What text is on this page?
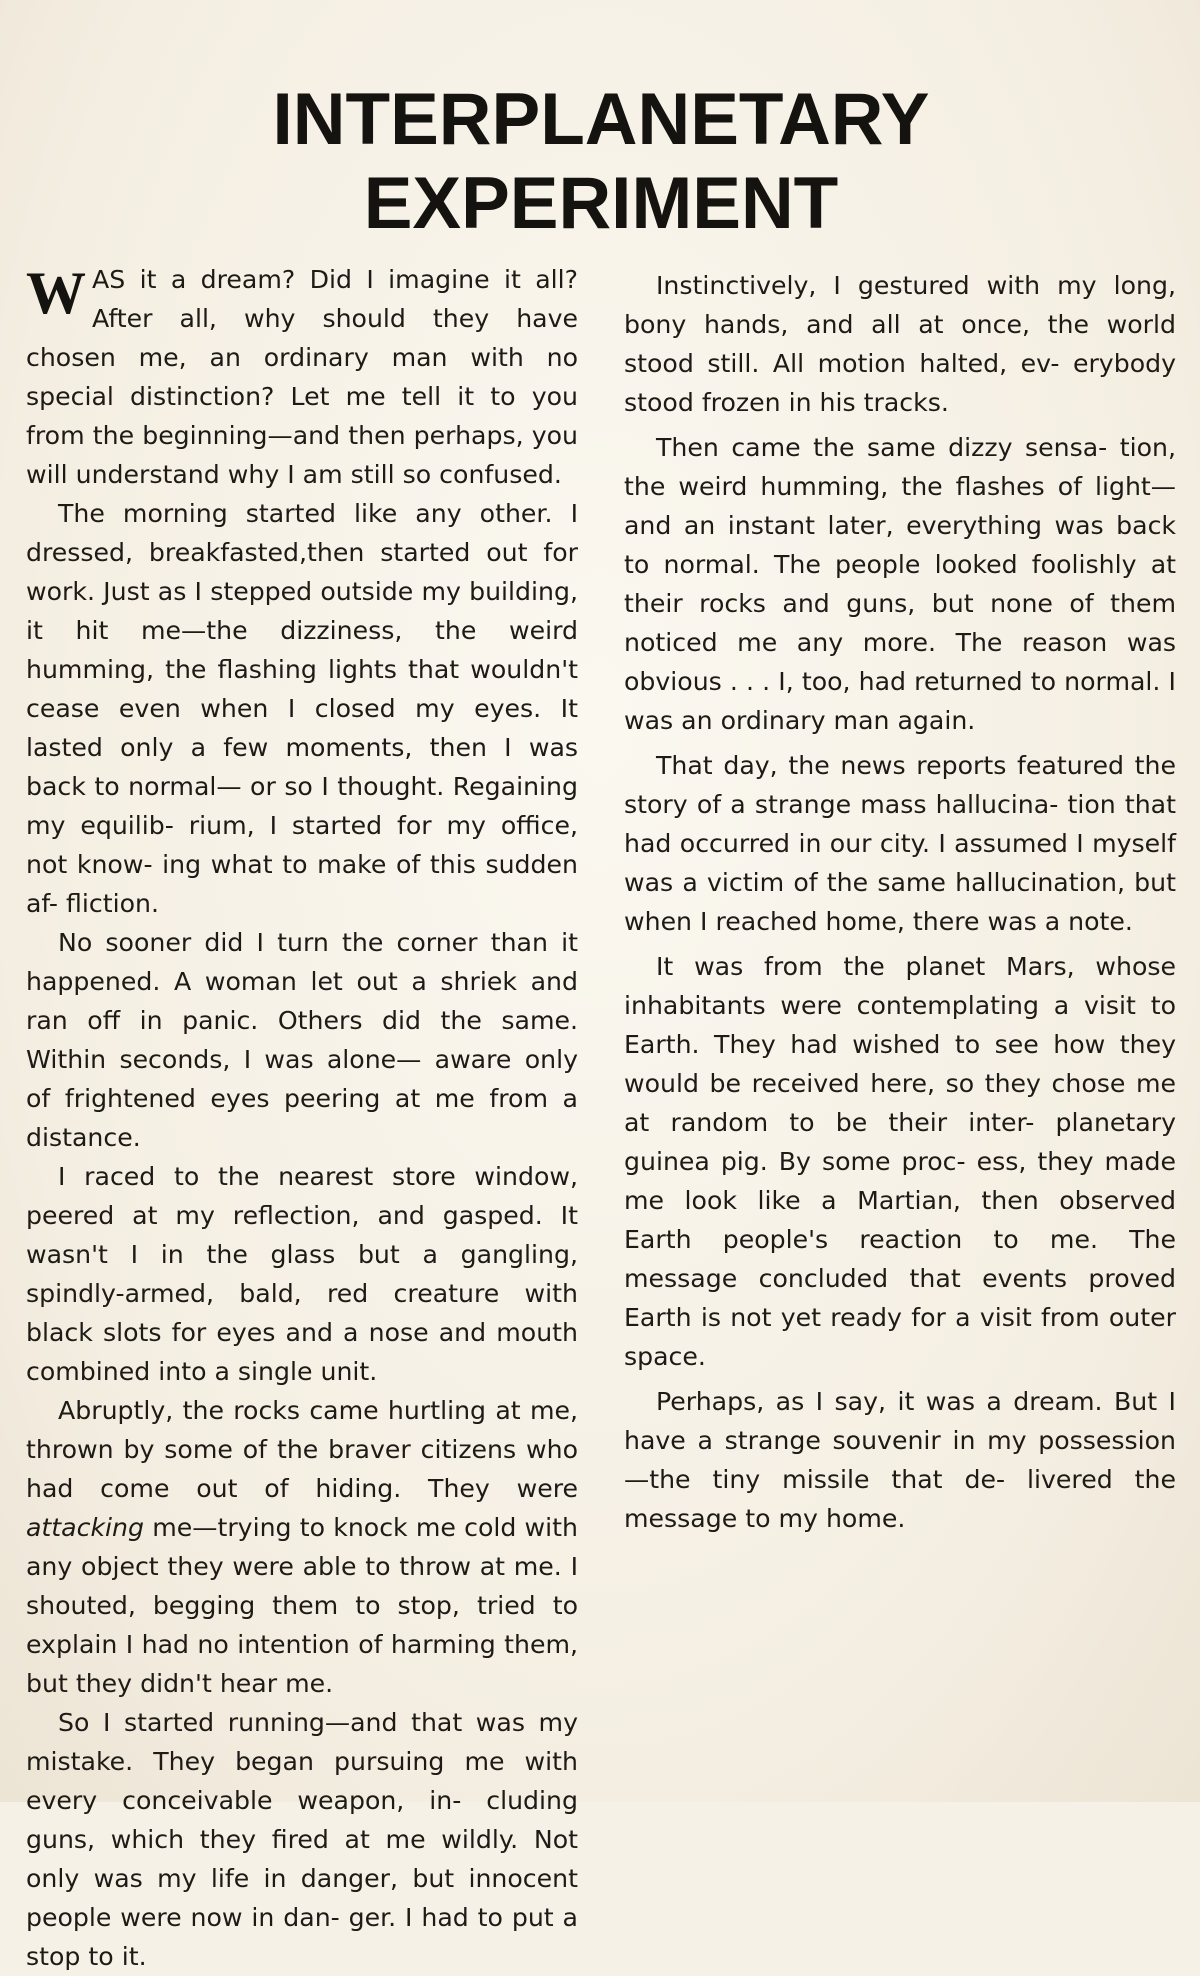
INTERPLANETARY EXPERIMENT

WAS it a dream? Did I imagine it all? After all, why should they have chosen me, an ordinary man with no special distinction? Let me tell it to you from the beginning—and then perhaps, you will understand why I am still so confused.

The morning started like any other. I dressed, breakfasted,then started out for work. Just as I stepped outside my building, it hit me—the dizziness, the weird humming, the flashing lights that wouldn't cease even when I closed my eyes. It lasted only a few moments, then I was back to normal— or so I thought. Regaining my equilib- rium, I started for my office, not know- ing what to make of this sudden af- fliction.

No sooner did I turn the corner than it happened. A woman let out a shriek and ran off in panic. Others did the same. Within seconds, I was alone— aware only of frightened eyes peering at me from a distance.

I raced to the nearest store window, peered at my reflection, and gasped. It wasn't I in the glass but a gangling, spindly-armed, bald, red creature with black slots for eyes and a nose and mouth combined into a single unit.

Abruptly, the rocks came hurtling at me, thrown by some of the braver citizens who had come out of hiding. They were attacking me—trying to knock me cold with any object they were able to throw at me. I shouted, begging them to stop, tried to explain I had no intention of harming them, but they didn't hear me.

So I started running—and that was my mistake. They began pursuing me with every conceivable weapon, in- cluding guns, which they fired at me wildly. Not only was my life in danger, but innocent people were now in dan- ger. I had to put a stop to it.

Instinctively, I gestured with my long, bony hands, and all at once, the world stood still. All motion halted, ev- erybody stood frozen in his tracks.

Then came the same dizzy sensa- tion, the weird humming, the flashes of light—and an instant later, everything was back to normal. The people looked foolishly at their rocks and guns, but none of them noticed me any more. The reason was obvious . . . I, too, had returned to normal. I was an ordinary man again.

That day, the news reports featured the story of a strange mass hallucina- tion that had occurred in our city. I assumed I myself was a victim of the same hallucination, but when I reached home, there was a note.

It was from the planet Mars, whose inhabitants were contemplating a visit to Earth. They had wished to see how they would be received here, so they chose me at random to be their inter- planetary guinea pig. By some proc- ess, they made me look like a Martian, then observed Earth people's reaction to me. The message concluded that events proved Earth is not yet ready for a visit from outer space.

Perhaps, as I say, it was a dream. But I have a strange souvenir in my possession—the tiny missile that de- livered the message to my home.
